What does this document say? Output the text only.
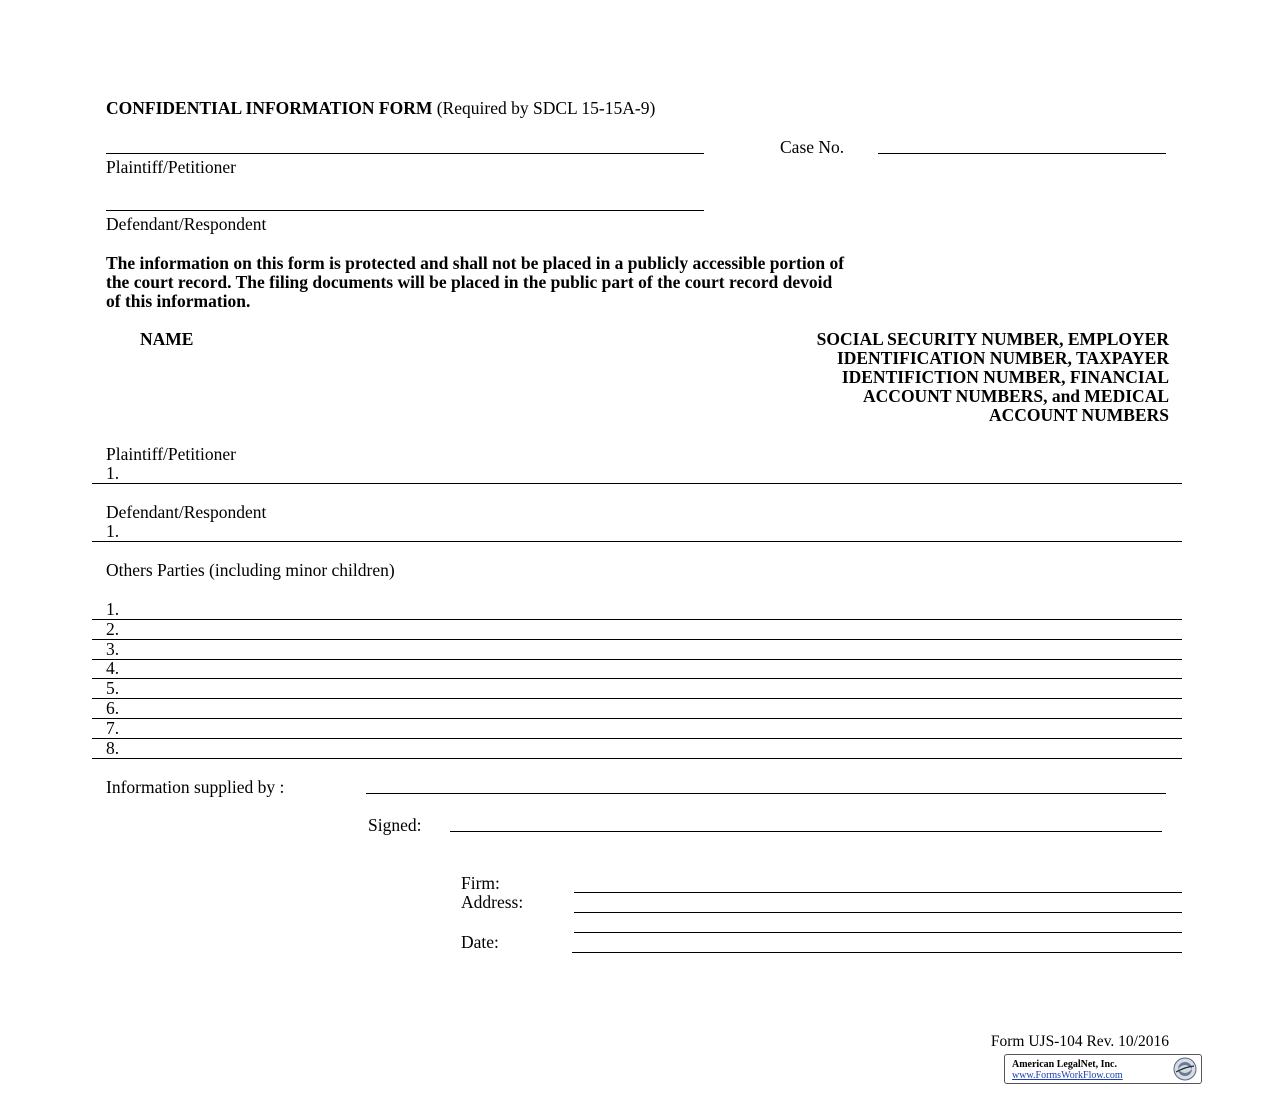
CONFIDENTIAL INFORMATION FORM (Required by SDCL 15-15A-9)
Case No.
Plaintiff/Petitioner
Defendant/Respondent
The information on this form is protected and shall not be placed in a publicly accessible portion of
the court record. The filing documents will be placed in the public part of the court record devoid
of this information.
NAME	SOCIAL SECURITY NUMBER, EMPLOYER
IDENTIFICATION NUMBER, TAXPAYER
IDENTIFICTION NUMBER, FINANCIAL
ACCOUNT NUMBERS, and MEDICAL
ACCOUNT NUMBERS
Plaintiff/Petitioner
1.
Defendant/Respondent
1.
Others Parties (including minor children)
1.
2.
3.
4.
5.
6.
7.
8.
Information supplied by :
Signed:
Firm:
Address:
Date:
Form UJS-104 Rev. 10/2016
American LegalNet, Inc.
www.FormsWorkFlow.com
